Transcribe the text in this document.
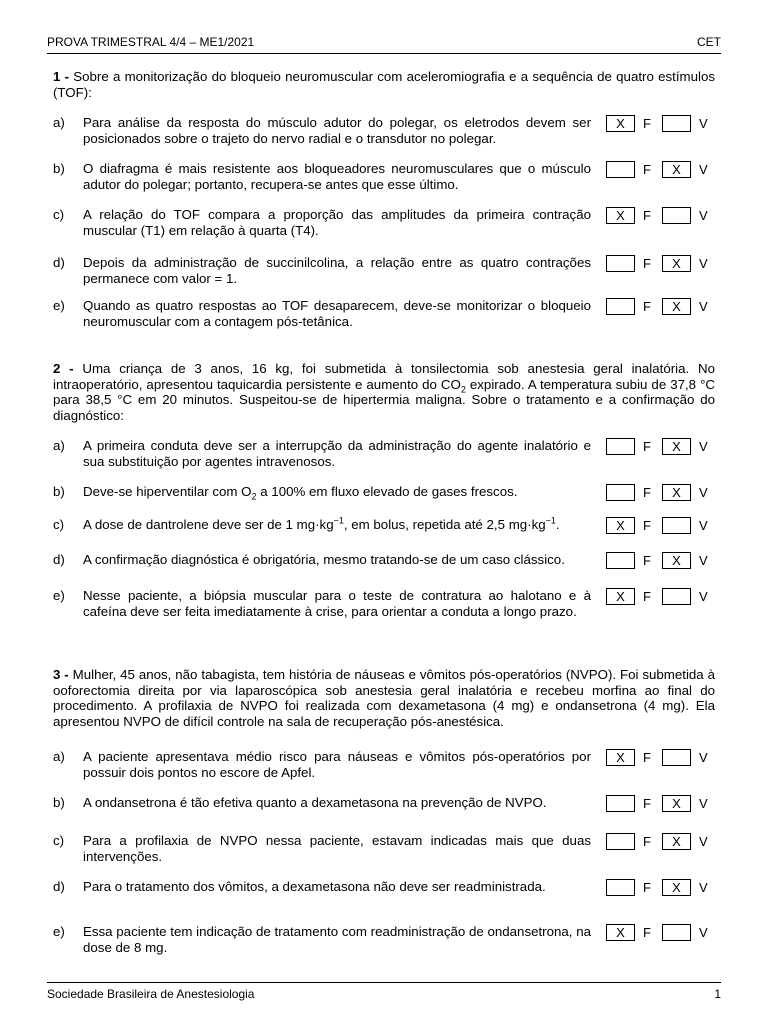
PROVA TRIMESTRAL 4/4 – ME1/2021	CET
1 - Sobre a monitorização do bloqueio neuromuscular com aceleromiografia e a sequência de quatro estímulos (TOF):
a) Para análise da resposta do músculo adutor do polegar, os eletrodos devem ser posicionados sobre o trajeto do nervo radial e o transdutor no polegar.
X	F	V
b) O diafragma é mais resistente aos bloqueadores neuromusculares que o músculo adutor do polegar; portanto, recupera-se antes que esse último.
F	X	V
c) A relação do TOF compara a proporção das amplitudes da primeira contração muscular (T1) em relação à quarta (T4).
X	F	V
d) Depois da administração de succinilcolina, a relação entre as quatro contrações permanece com valor = 1.
F	X	V
e) Quando as quatro respostas ao TOF desaparecem, deve-se monitorizar o bloqueio neuromuscular com a contagem pós-tetânica.
F	X	V
2 - Uma criança de 3 anos, 16 kg, foi submetida à tonsilectomia sob anestesia geral inalatória. No intraoperatório, apresentou taquicardia persistente e aumento do $CO_2$ expirado. A temperatura subiu de 37,8 °C para 38,5 °C em 20 minutos. Suspeitou-se de hipertermia maligna. Sobre o tratamento e a confirmação do diagnóstico:
a) A primeira conduta deve ser a interrupção da administração do agente inalatório e sua substituição por agentes intravenosos.
F	X	V
b) Deve-se hiperventilar com $O_2$ a 100% em fluxo elevado de gases frescos.	F	X	V
c) A dose de dantrolene deve ser de 1 $mg\cdot kg^{-1}$, em bolus, repetida até 2,5 $mg\cdot kg^{-1}$.	X	F	V
d) A confirmação diagnóstica é obrigatória, mesmo tratando-se de um caso clássico.	F	X	V
e) Nesse paciente, a biópsia muscular para o teste de contratura ao halotano e à cafeína deve ser feita imediatamente à crise, para orientar a conduta a longo prazo.
X	F	V
3 - Mulher, 45 anos, não tabagista, tem história de náuseas e vômitos pós-operatórios (NVPO). Foi submetida à ooforectomia direita por via laparoscópica sob anestesia geral inalatória e recebeu morfina ao final do procedimento. A profilaxia de NVPO foi realizada com dexametasona (4 mg) e ondansetrona (4 mg). Ela apresentou NVPO de difícil controle na sala de recuperação pós-anestésica.
a) A paciente apresentava médio risco para náuseas e vômitos pós-operatórios por possuir dois pontos no escore de Apfel.
X	F	V
b) A ondansetrona é tão efetiva quanto a dexametasona na prevenção de NVPO.	F	X	V
c) Para a profilaxia de NVPO nessa paciente, estavam indicadas mais que duas intervenções.
F	X	V
d) Para o tratamento dos vômitos, a dexametasona não deve ser readministrada.	F	X	V
e) Essa paciente tem indicação de tratamento com readministração de ondansetrona, na dose de 8 mg.
X	F	V
Sociedade Brasileira de Anestesiologia	1
